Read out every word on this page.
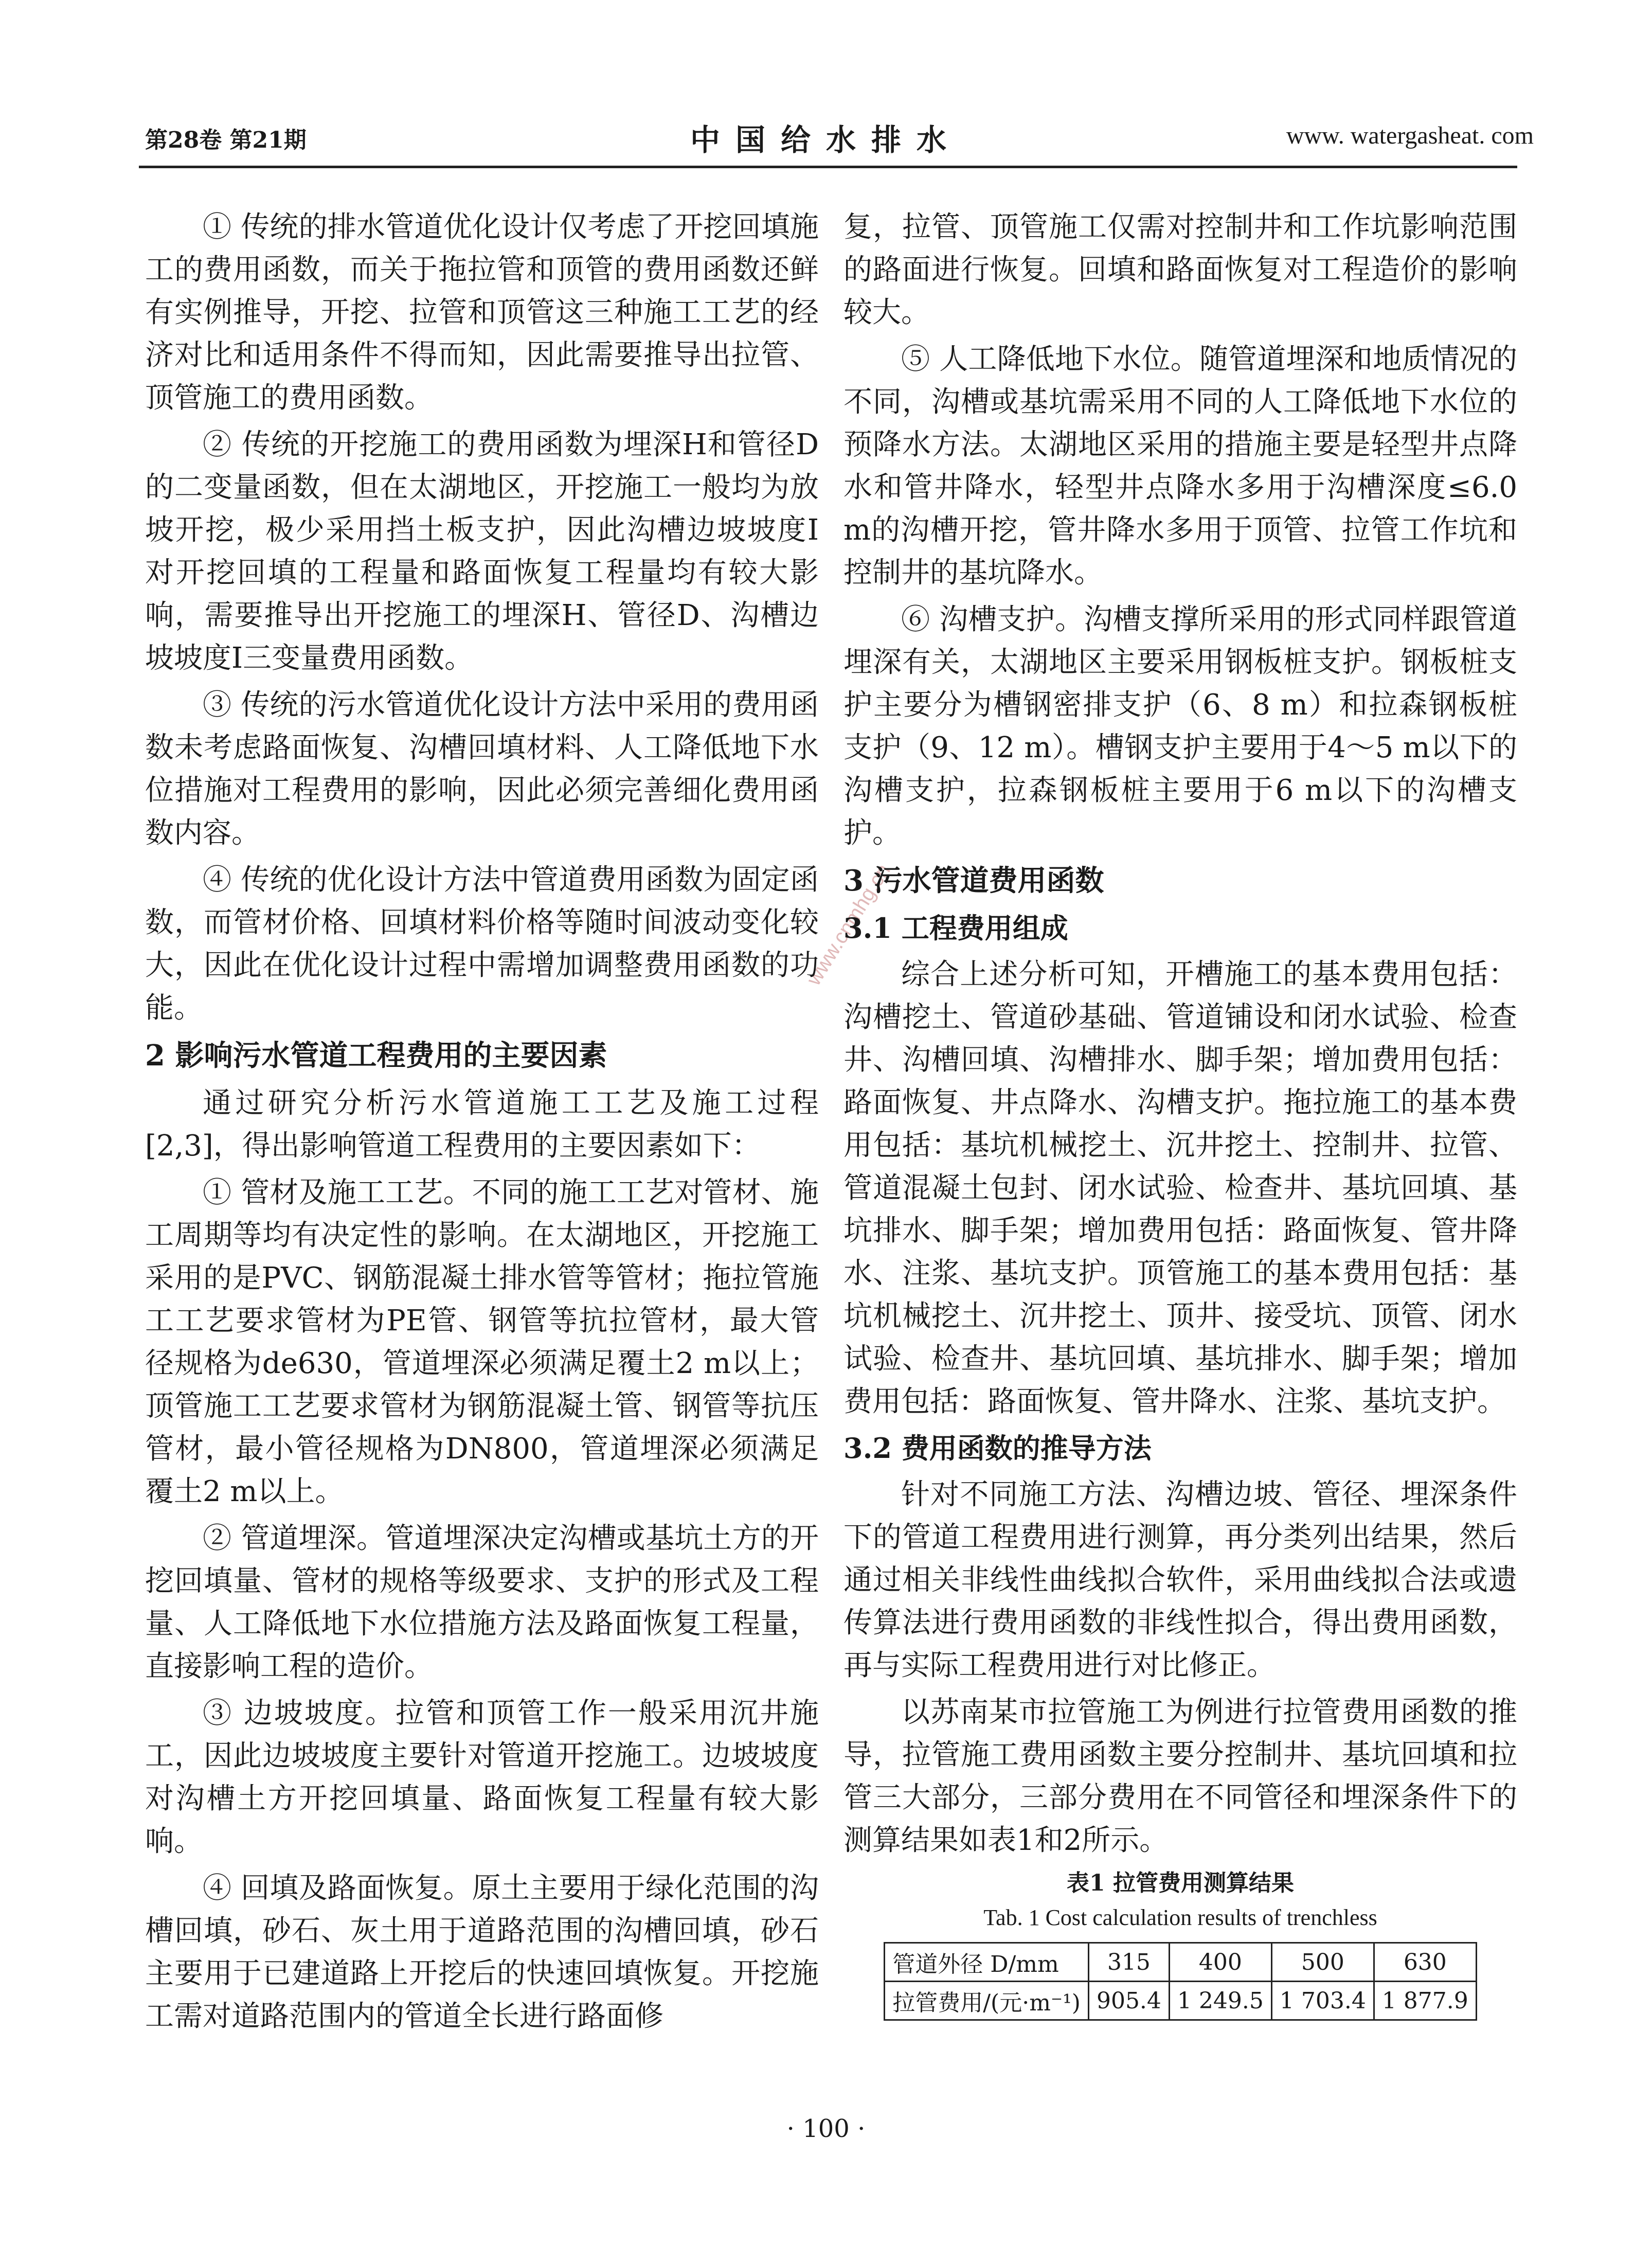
第28卷 第21期	中国给水排水	www. watergasheat. com
www.cnmhg.cn

① 传统的排水管道优化设计仅考虑了开挖回填施工的费用函数，而关于拖拉管和顶管的费用函数还鲜有实例推导，开挖、拉管和顶管这三种施工工艺的经济对比和适用条件不得而知，因此需要推导出拉管、顶管施工的费用函数。

② 传统的开挖施工的费用函数为埋深H和管径D的二变量函数，但在太湖地区，开挖施工一般均为放坡开挖，极少采用挡土板支护，因此沟槽边坡坡度I对开挖回填的工程量和路面恢复工程量均有较大影响，需要推导出开挖施工的埋深H、管径D、沟槽边坡坡度I三变量费用函数。

③ 传统的污水管道优化设计方法中采用的费用函数未考虑路面恢复、沟槽回填材料、人工降低地下水位措施对工程费用的影响，因此必须完善细化费用函数内容。

④ 传统的优化设计方法中管道费用函数为固定函数，而管材价格、回填材料价格等随时间波动变化较大，因此在优化设计过程中需增加调整费用函数的功能。

2 影响污水管道工程费用的主要因素

通过研究分析污水管道施工工艺及施工过程[2,3]，得出影响管道工程费用的主要因素如下：

① 管材及施工工艺。不同的施工工艺对管材、施工周期等均有决定性的影响。在太湖地区，开挖施工采用的是PVC、钢筋混凝土排水管等管材；拖拉管施工工艺要求管材为PE管、钢管等抗拉管材，最大管径规格为de630，管道埋深必须满足覆土2 m以上；顶管施工工艺要求管材为钢筋混凝土管、钢管等抗压管材，最小管径规格为DN800，管道埋深必须满足覆土2 m以上。

② 管道埋深。管道埋深决定沟槽或基坑土方的开挖回填量、管材的规格等级要求、支护的形式及工程量、人工降低地下水位措施方法及路面恢复工程量，直接影响工程的造价。

③ 边坡坡度。拉管和顶管工作一般采用沉井施工，因此边坡坡度主要针对管道开挖施工。边坡坡度对沟槽土方开挖回填量、路面恢复工程量有较大影响。

④ 回填及路面恢复。原土主要用于绿化范围的沟槽回填，砂石、灰土用于道路范围的沟槽回填，砂石主要用于已建道路上开挖后的快速回填恢复。开挖施工需对道路范围内的管道全长进行路面修

复，拉管、顶管施工仅需对控制井和工作坑影响范围的路面进行恢复。回填和路面恢复对工程造价的影响较大。

⑤ 人工降低地下水位。随管道埋深和地质情况的不同，沟槽或基坑需采用不同的人工降低地下水位的预降水方法。太湖地区采用的措施主要是轻型井点降水和管井降水，轻型井点降水多用于沟槽深度≤6.0 m的沟槽开挖，管井降水多用于顶管、拉管工作坑和控制井的基坑降水。

⑥ 沟槽支护。沟槽支撑所采用的形式同样跟管道埋深有关，太湖地区主要采用钢板桩支护。钢板桩支护主要分为槽钢密排支护（6、8 m）和拉森钢板桩支护（9、12 m）。槽钢支护主要用于4～5 m以下的沟槽支护，拉森钢板桩主要用于6 m以下的沟槽支护。

3 污水管道费用函数
3.1 工程费用组成

综合上述分析可知，开槽施工的基本费用包括：沟槽挖土、管道砂基础、管道铺设和闭水试验、检查井、沟槽回填、沟槽排水、脚手架；增加费用包括：路面恢复、井点降水、沟槽支护。拖拉施工的基本费用包括：基坑机械挖土、沉井挖土、控制井、拉管、管道混凝土包封、闭水试验、检查井、基坑回填、基坑排水、脚手架；增加费用包括：路面恢复、管井降水、注浆、基坑支护。顶管施工的基本费用包括：基坑机械挖土、沉井挖土、顶井、接受坑、顶管、闭水试验、检查井、基坑回填、基坑排水、脚手架；增加费用包括：路面恢复、管井降水、注浆、基坑支护。

3.2 费用函数的推导方法

针对不同施工方法、沟槽边坡、管径、埋深条件下的管道工程费用进行测算，再分类列出结果，然后通过相关非线性曲线拟合软件，采用曲线拟合法或遗传算法进行费用函数的非线性拟合，得出费用函数，再与实际工程费用进行对比修正。

以苏南某市拉管施工为例进行拉管费用函数的推导，拉管施工费用函数主要分控制井、基坑回填和拉管三大部分，三部分费用在不同管径和埋深条件下的测算结果如表1和2所示。

表1 拉管费用测算结果
Tab. 1 Cost calculation results of trenchless
管道外径 D/mm	315	400	500	630
拉管费用/(元·m⁻¹)	905.4	1 249.5	1 703.4	1 877.9
· 100 ·
